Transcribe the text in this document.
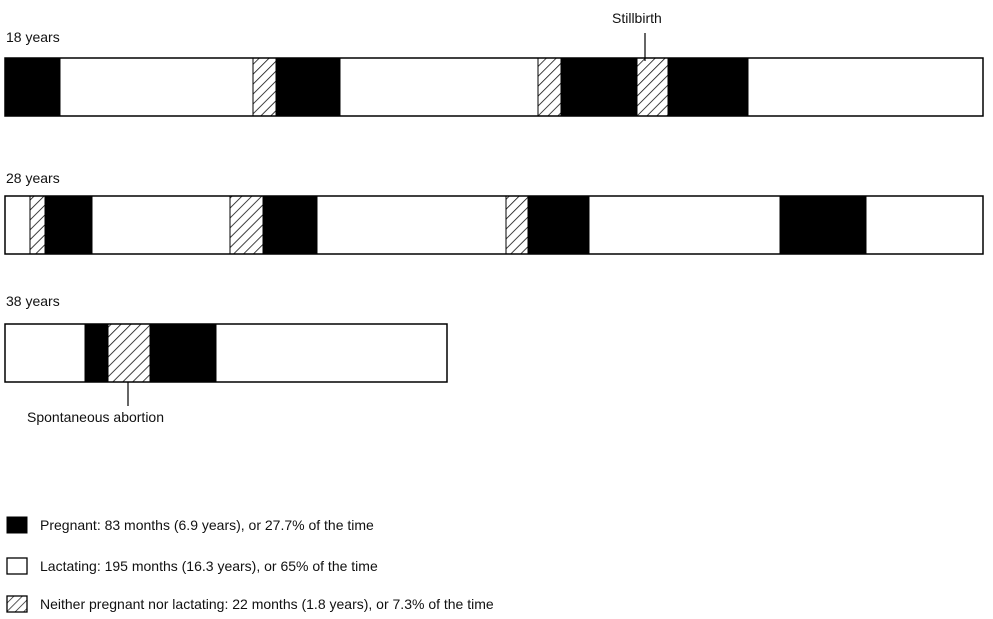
18 years
Stillbirth
28 years
38 years
Spontaneous abortion
Pregnant: 83 months (6.9 years), or 27.7% of the time
Lactating: 195 months (16.3 years), or 65% of the time
Neither pregnant nor lactating: 22 months (1.8 years), or 7.3% of the time
